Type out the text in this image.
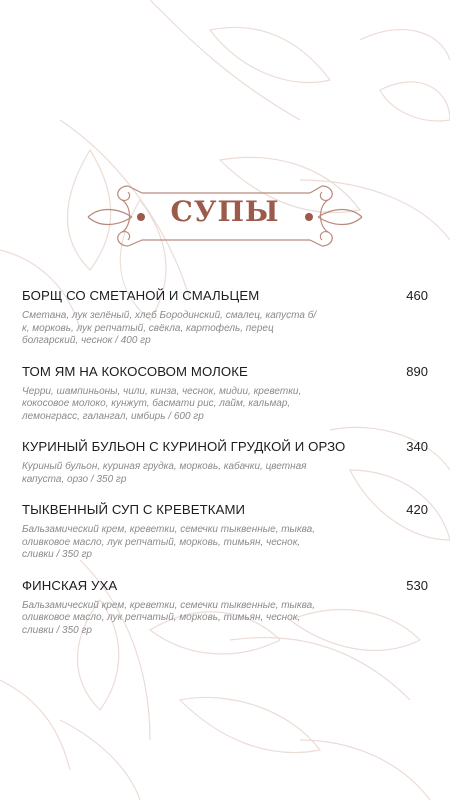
СУПЫ
БОРЩ СО СМЕТАНОЙ И СМАЛЬЦЕМ	460
Сметана, лук зелёный, хлеб Бородинский, смалец, капуста б/к, морковь, лук репчатый, свёкла, картофель, перец болгарский, чеснок / 400 гр
ТОМ ЯМ НА КОКОСОВОМ МОЛОКЕ	890
Черри, шампиньоны, чили, кинза, чеснок, мидии, креветки, кокосовое молоко, кунжут, басмати рис, лайм, кальмар, лемонграсс, галангал, имбирь / 600 гр
КУРИНЫЙ БУЛЬОН С КУРИНОЙ ГРУДКОЙ И ОРЗО	340
Куриный бульон, куриная грудка, морковь, кабачки, цветная капуста, орзо / 350 гр
ТЫКВЕННЫЙ СУП С КРЕВЕТКАМИ	420
Бальзамический крем, креветки, семечки тыквенные, тыква, оливковое масло, лук репчатый, морковь, тимьян, чеснок, сливки / 350 гр
ФИНСКАЯ УХА	530
Бальзамический крем, креветки, семечки тыквенные, тыква, оливковое масло, лук репчатый, морковь, тимьян, чеснок, сливки / 350 гр
